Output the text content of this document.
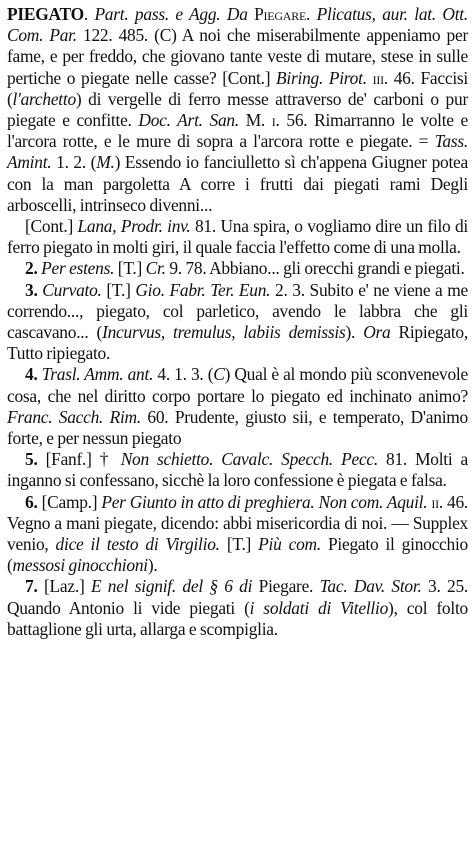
PIEGATO. Part. pass. e Agg. Da Piegare. Plicatus, aur. lat. Ott. Com. Par. 122. 485. (C) A noi che miserabilmente appeniamo per fame, e per freddo, che giovano tante veste di mutare, stese in sulle pertiche o piegate nelle casse? [Cont.] Biring. Pirot. iii. 46. Faccisi (l'archetto) di vergelle di ferro messe attraverso de' carboni o pur piegate e confitte. Doc. Art. San. M. i. 56. Rimarranno le volte e l'arcora rotte, e le mure di sopra a l'arcora rotte e piegate. = Tass. Amint. 1. 2. (M.) Essendo io fanciulletto sì ch'appena Giugner potea con la man pargoletta A corre i frutti dai piegati rami Degli arboscelli, intrinseco divenni...

[Cont.] Lana, Prodr. inv. 81. Una spira, o vogliamo dire un filo di ferro piegato in molti giri, il quale faccia l'effetto come di una molla.

2. Per estens. [T.] Cr. 9. 78. Abbiano... gli orecchi grandi e piegati.

3. Curvato. [T.] Gio. Fabr. Ter. Eun. 2. 3. Subito e' ne viene a me correndo..., piegato, col parletico, avendo le labbra che gli cascavano... (Incurvus, tremulus, labiis demissis). Ora Ripiegato, Tutto ripiegato.

4. Trasl. Amm. ant. 4. 1. 3. (C) Qual è al mondo più sconvenevole cosa, che nel diritto corpo portare lo piegato ed inchinato animo? Franc. Sacch. Rim. 60. Prudente, giusto sii, e temperato, D'animo forte, e per nessun piegato

5. [Fanf.] † Non schietto. Cavalc. Specch. Pecc. 81. Molti a inganno si confessano, sicchè la loro confessione è piegata e falsa.

6. [Camp.] Per Giunto in atto di preghiera. Non com. Aquil. ii. 46. Vegno a mani piegate, dicendo: abbi misericordia di noi. — Supplex venio, dice il testo di Virgilio. [T.] Più com. Piegato il ginocchio (messosi ginocchioni).

7. [Laz.] E nel signif. del § 6 di Piegare. Tac. Dav. Stor. 3. 25. Quando Antonio li vide piegati (i soldati di Vitellio), col folto battaglione gli urta, allarga e scompiglia.
